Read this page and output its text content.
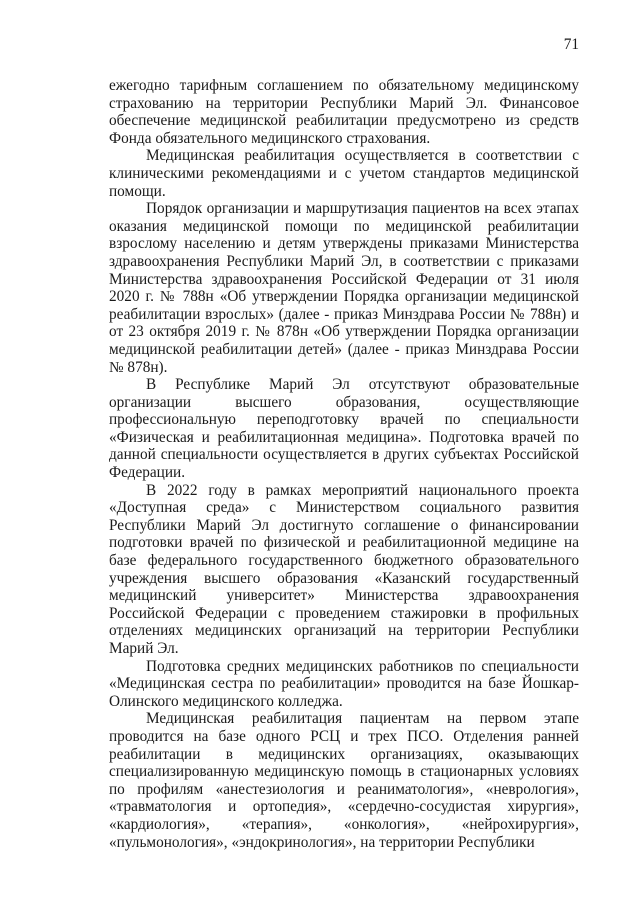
71

ежегодно тарифным соглашением по обязательному медицинскому страхованию на территории Республики Марий Эл. Финансовое обеспечение медицинской реабилитации предусмотрено из средств Фонда обязательного медицинского страхования.

Медицинская реабилитация осуществляется в соответствии с клиническими рекомендациями и с учетом стандартов медицинской помощи.

Порядок организации и маршрутизация пациентов на всех этапах оказания медицинской помощи по медицинской реабилитации взрослому населению и детям утверждены приказами Министерства здравоохранения Республики Марий Эл, в соответствии с приказами Министерства здравоохранения Российской Федерации от 31 июля 2020 г. № 788н «Об утверждении Порядка организации медицинской реабилитации взрослых» (далее - приказ Минздрава России № 788н) и от 23 октября 2019 г. № 878н «Об утверждении Порядка организации медицинской реабилитации детей» (далее - приказ Минздрава России № 878н).

В Республике Марий Эл отсутствуют образовательные организации высшего образования, осуществляющие профессиональную переподготовку врачей по специальности «Физическая и реабилитационная медицина». Подготовка врачей по данной специальности осуществляется в других субъектах Российской Федерации.

В 2022 году в рамках мероприятий национального проекта «Доступная среда» с Министерством социального развития Республики Марий Эл достигнуто соглашение о финансировании подготовки врачей по физической и реабилитационной медицине на базе федерального государственного бюджетного образовательного учреждения высшего образования «Казанский государственный медицинский университет» Министерства здравоохранения Российской Федерации с проведением стажировки в профильных отделениях медицинских организаций на территории Республики Марий Эл.

Подготовка средних медицинских работников по специальности «Медицинская сестра по реабилитации» проводится на базе Йошкар-Олинского медицинского колледжа.

Медицинская реабилитация пациентам на первом этапе проводится на базе одного РСЦ и трех ПСО. Отделения ранней реабилитации в медицинских организациях, оказывающих специализированную медицинскую помощь в стационарных условиях по профилям «анестезиология и реаниматология», «неврология», «травматология и ортопедия», «сердечно-сосудистая хирургия», «кардиология», «терапия», «онкология», «нейрохирургия», «пульмонология», «эндокринология», на территории Республики
